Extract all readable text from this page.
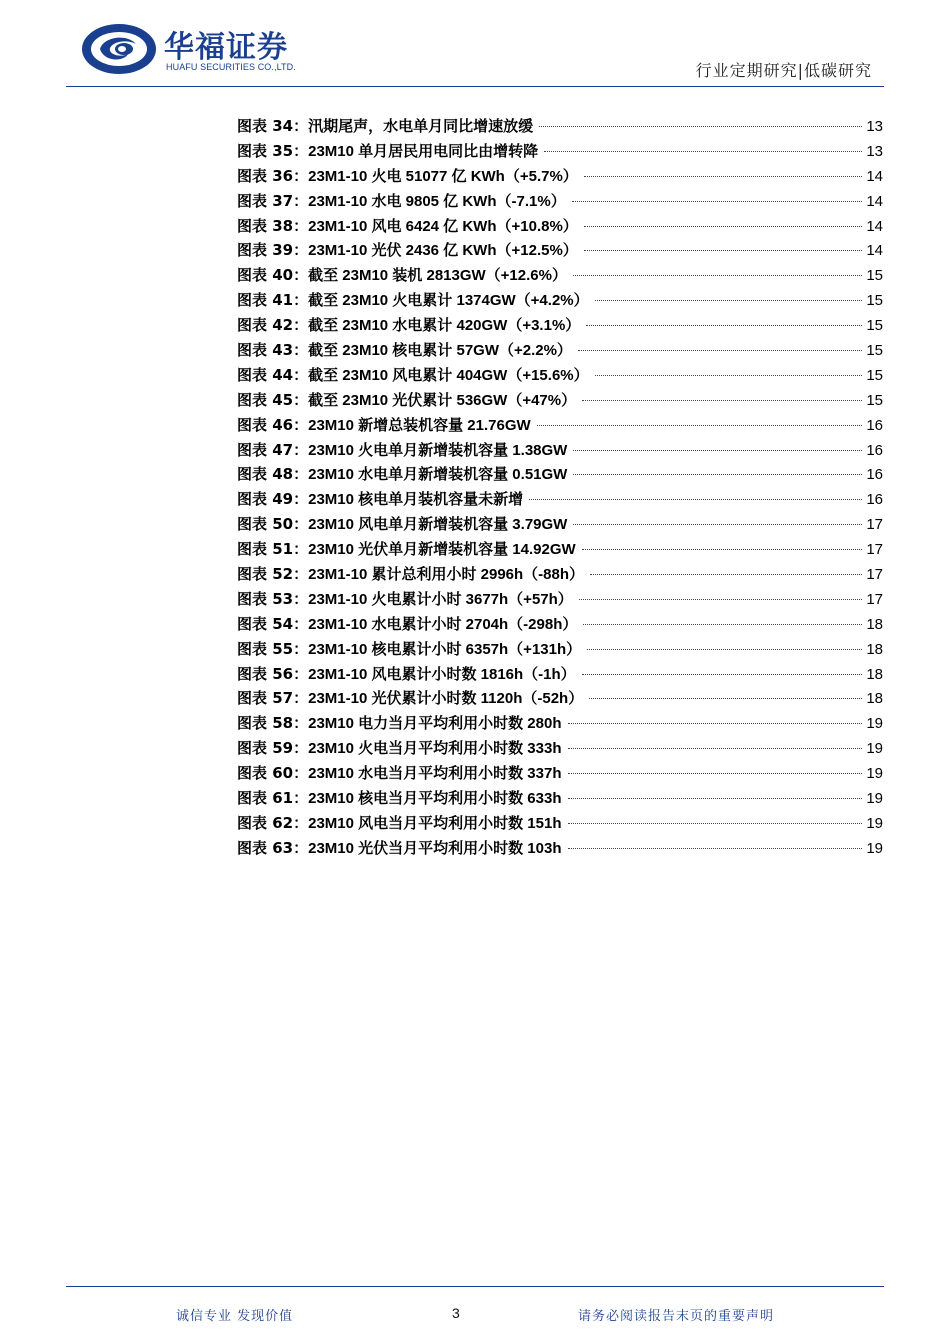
华福证券
HUAFU SECURITIES CO.,LTD.	行业定期研究|低碳研究
图表 34： 汛期尾声，水电单月同比增速放缓	13
图表 35： 23M10 单月居民用电同比由增转降	13
图表 36： 23M1-10 火电 51077 亿 KWh（+5.7%）	14
图表 37： 23M1-10 水电 9805 亿 KWh（-7.1%）	14
图表 38： 23M1-10 风电 6424 亿 KWh（+10.8%）	14
图表 39： 23M1-10 光伏 2436 亿 KWh（+12.5%）	14
图表 40： 截至 23M10 装机 2813GW（+12.6%）	15
图表 41： 截至 23M10 火电累计 1374GW（+4.2%）	15
图表 42： 截至 23M10 水电累计 420GW（+3.1%）	15
图表 43： 截至 23M10 核电累计 57GW（+2.2%）	15
图表 44： 截至 23M10 风电累计 404GW（+15.6%）	15
图表 45： 截至 23M10 光伏累计 536GW（+47%）	15
图表 46： 23M10 新增总装机容量 21.76GW	16
图表 47： 23M10 火电单月新增装机容量 1.38GW	16
图表 48： 23M10 水电单月新增装机容量 0.51GW	16
图表 49： 23M10 核电单月装机容量未新增	16
图表 50： 23M10 风电单月新增装机容量 3.79GW	17
图表 51： 23M10 光伏单月新增装机容量 14.92GW	17
图表 52： 23M1-10 累计总利用小时 2996h（-88h）	17
图表 53： 23M1-10 火电累计小时 3677h（+57h）	17
图表 54： 23M1-10 水电累计小时 2704h（-298h）	18
图表 55： 23M1-10 核电累计小时 6357h（+131h）	18
图表 56： 23M1-10 风电累计小时数 1816h（-1h）	18
图表 57： 23M1-10 光伏累计小时数 1120h（-52h）	18
图表 58： 23M10 电力当月平均利用小时数 280h	19
图表 59： 23M10 火电当月平均利用小时数 333h	19
图表 60： 23M10 水电当月平均利用小时数 337h	19
图表 61： 23M10 核电当月平均利用小时数 633h	19
图表 62： 23M10 风电当月平均利用小时数 151h	19
图表 63： 23M10 光伏当月平均利用小时数 103h	19
诚信专业 发现价值	3	请务必阅读报告末页的重要声明
